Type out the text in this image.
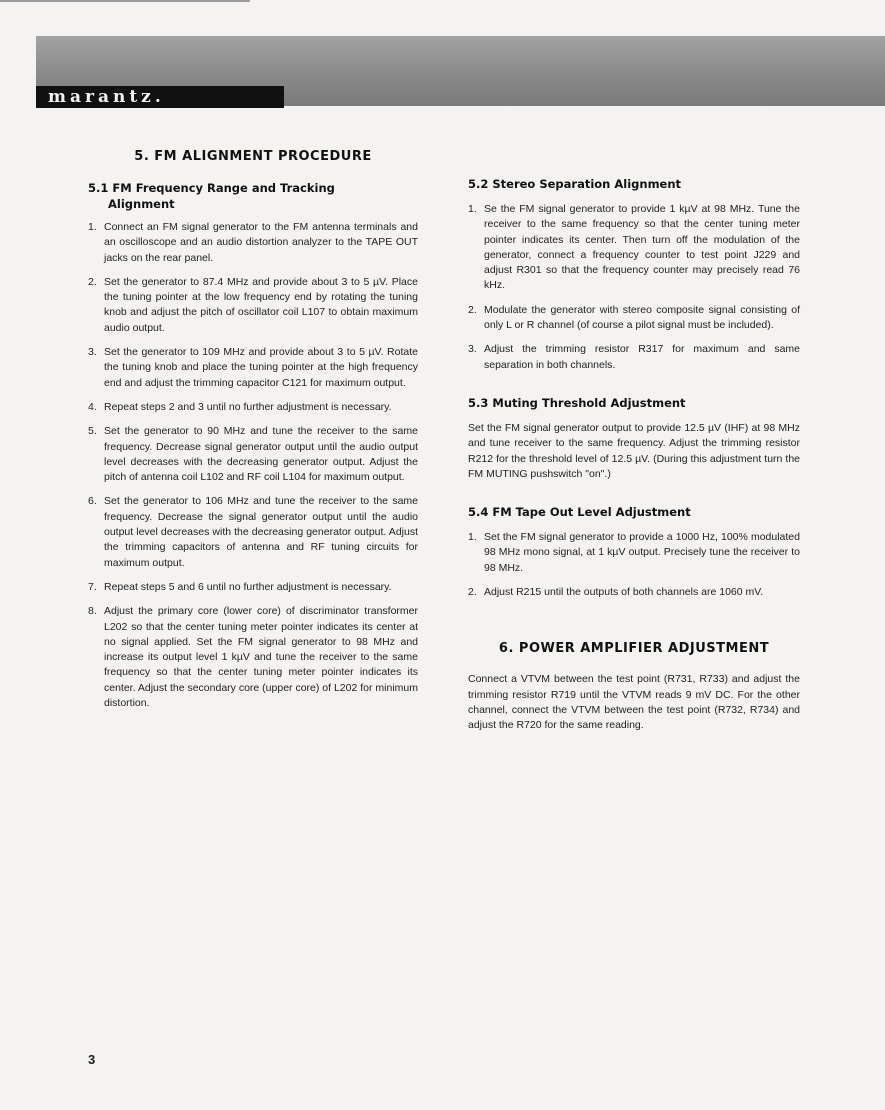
marantz.
5. FM ALIGNMENT PROCEDURE
5.1 FM Frequency Range and Tracking
Alignment
1. Connect an FM signal generator to the FM antenna terminals and an oscilloscope and an audio distortion analyzer to the TAPE OUT jacks on the rear panel.
2. Set the generator to 87.4 MHz and provide about 3 to 5 µV. Place the tuning pointer at the low frequency end by rotating the tuning knob and adjust the pitch of oscillator coil L107 to obtain maximum audio output.
3. Set the generator to 109 MHz and provide about 3 to 5 µV. Rotate the tuning knob and place the tuning pointer at the high frequency end and adjust the trimming capacitor C121 for maximum output.
4. Repeat steps 2 and 3 until no further adjustment is necessary.
5. Set the generator to 90 MHz and tune the receiver to the same frequency. Decrease signal generator output until the audio output level decreases with the decreasing generator output. Adjust the pitch of antenna coil L102 and RF coil L104 for maximum output.
6. Set the generator to 106 MHz and tune the receiver to the same frequency. Decrease the signal generator output until the audio output level decreases with the decreasing generator output. Adjust the trimming capacitors of antenna and RF tuning circuits for maximum output.
7. Repeat steps 5 and 6 until no further adjustment is necessary.
8. Adjust the primary core (lower core) of discriminator transformer L202 so that the center tuning meter pointer indicates its center at no signal applied. Set the FM signal generator to 98 MHz and increase its output level 1 kµV and tune the receiver to the same frequency so that the center tuning meter pointer indicates its center. Adjust the secondary core (upper core) of L202 for minimum distortion.
5.2 Stereo Separation Alignment
1. Se the FM signal generator to provide 1 kµV at 98 MHz. Tune the receiver to the same frequency so that the center tuning meter pointer indicates its center. Then turn off the modulation of the generator, connect a frequency counter to test point J229 and adjust R301 so that the frequency counter may precisely read 76 kHz.
2. Modulate the generator with stereo composite signal consisting of only L or R channel (of course a pilot signal must be included).
3. Adjust the trimming resistor R317 for maximum and same separation in both channels.
5.3 Muting Threshold Adjustment

Set the FM signal generator output to provide 12.5 µV (IHF) at 98 MHz and tune receiver to the same frequency. Adjust the trimming resistor R212 for the threshold level of 12.5 µV. (During this adjustment turn the FM MUTING pushswitch "on".)

5.4 FM Tape Out Level Adjustment
1. Set the FM signal generator to provide a 1000 Hz, 100% modulated 98 MHz mono signal, at 1 kµV output. Precisely tune the receiver to 98 MHz.
2. Adjust R215 until the outputs of both channels are 1060 mV.
6. POWER AMPLIFIER ADJUSTMENT

Connect a VTVM between the test point (R731, R733) and adjust the trimming resistor R719 until the VTVM reads 9 mV DC. For the other channel, connect the VTVM between the test point (R732, R734) and adjust the R720 for the same reading.

3
